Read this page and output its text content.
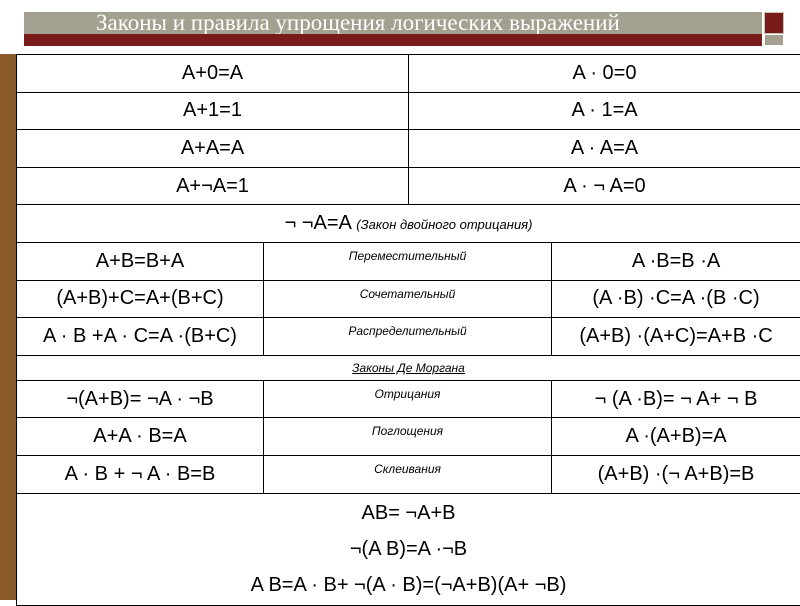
Законы и правила упрощения логических выражений
A+0=A		A · 0=0	
A+1=1		A · 1=A	
A+A=A		A · A=A	
A+¬A=1		A · ¬ A=0	
¬ ¬A=A (Закон двойного отрицания)			
A+B=B+A	Переместительный		A ·B=B ·A
(A+B)+C=A+(B+C)	Сочетательный		(A ·B) ·C=A ·(B ·C)
A · B +A · C=A ·(B+C)	Распределительный		(A+B) ·(A+C)=A+B ·C
Законы Де Моргана			
¬(A+B)= ¬A · ¬B	Отрицания		¬ (A ·B)= ¬ A+ ¬ B
A+A · B=A	Поглощения		A ·(A+B)=A
A · B + ¬ A · B=B	Склеивания		(A+B) ·(¬ A+B)=B

AB= ¬A+B
¬(A B)=A ·¬B
A B=A · B+ ¬(A · B)=(¬A+B)(A+ ¬B)			
